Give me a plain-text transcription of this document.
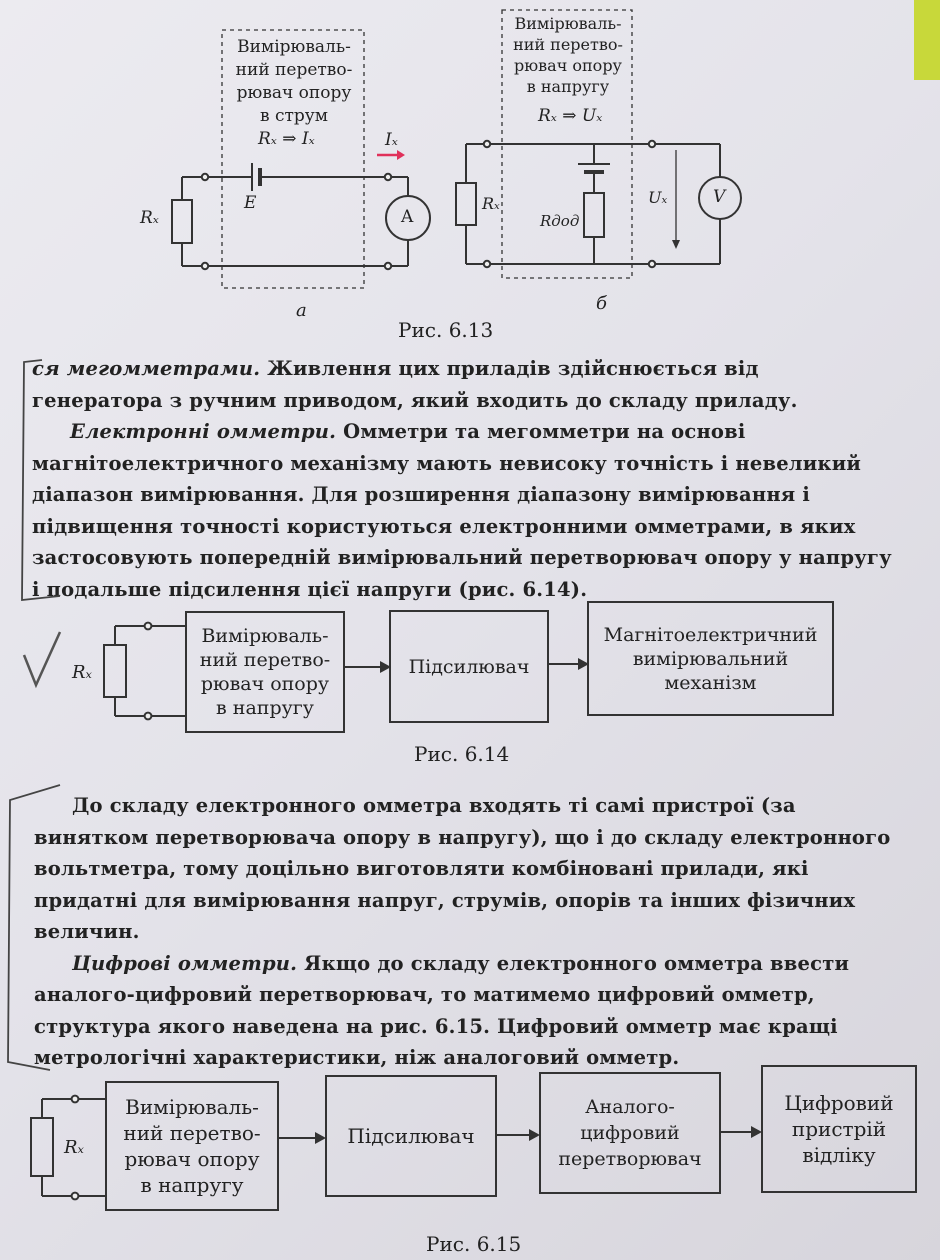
Вимірюваль-
ний перетво-
рювач опору
в струм
Rₓ ⇒ Iₓ	Iₓ
Rₓ
E
A
а
Вимірюваль-
ний перетво-
рювач опору
в напругу
Rₓ ⇒ Uₓ
Rₓ
Rдод
Uₓ	V
б
Рис. 6.13

ся мегомметрами. Живлення цих приладів здійснюється від генератора з ручним приводом, який входить до складу приладу.

Електронні омметри. Омметри та мегомметри на основі магнітоелектричного механізму мають невисоку точність і невеликий діапазон вимірювання. Для розширення діапазону вимірювання і підвищення точності користуються електронними омметрами, в яких застосовують попередній вимірювальний перетворювач опору у напругу і подальше підсилення цієї напруги (рис. 6.14).

Rₓ
Вимірюваль-
ний перетво-
рювач опору
в напругу
Підсилювач
Магнітоелектричний
вимірювальний
механізм
Рис. 6.14

До складу електронного омметра входять ті самі пристрої (за винятком перетворювача опору в напругу), що і до складу електронного вольтметра, тому доцільно виготовляти комбіновані прилади, які придатні для вимірювання напруг, струмів, опорів та інших фізичних величин.

Цифрові омметри. Якщо до складу електронного омметра ввести аналого-цифровий перетворювач, то матимемо цифровий омметр, структура якого наведена на рис. 6.15. Цифровий омметр має кращі метрологічні характеристики, ніж аналоговий омметр.

Rₓ
Вимірюваль-
ний перетво-
рювач опору
в напругу
Підсилювач
Аналого-
цифровий
перетворювач
Цифровий
пристрій
відліку
Рис. 6.15
